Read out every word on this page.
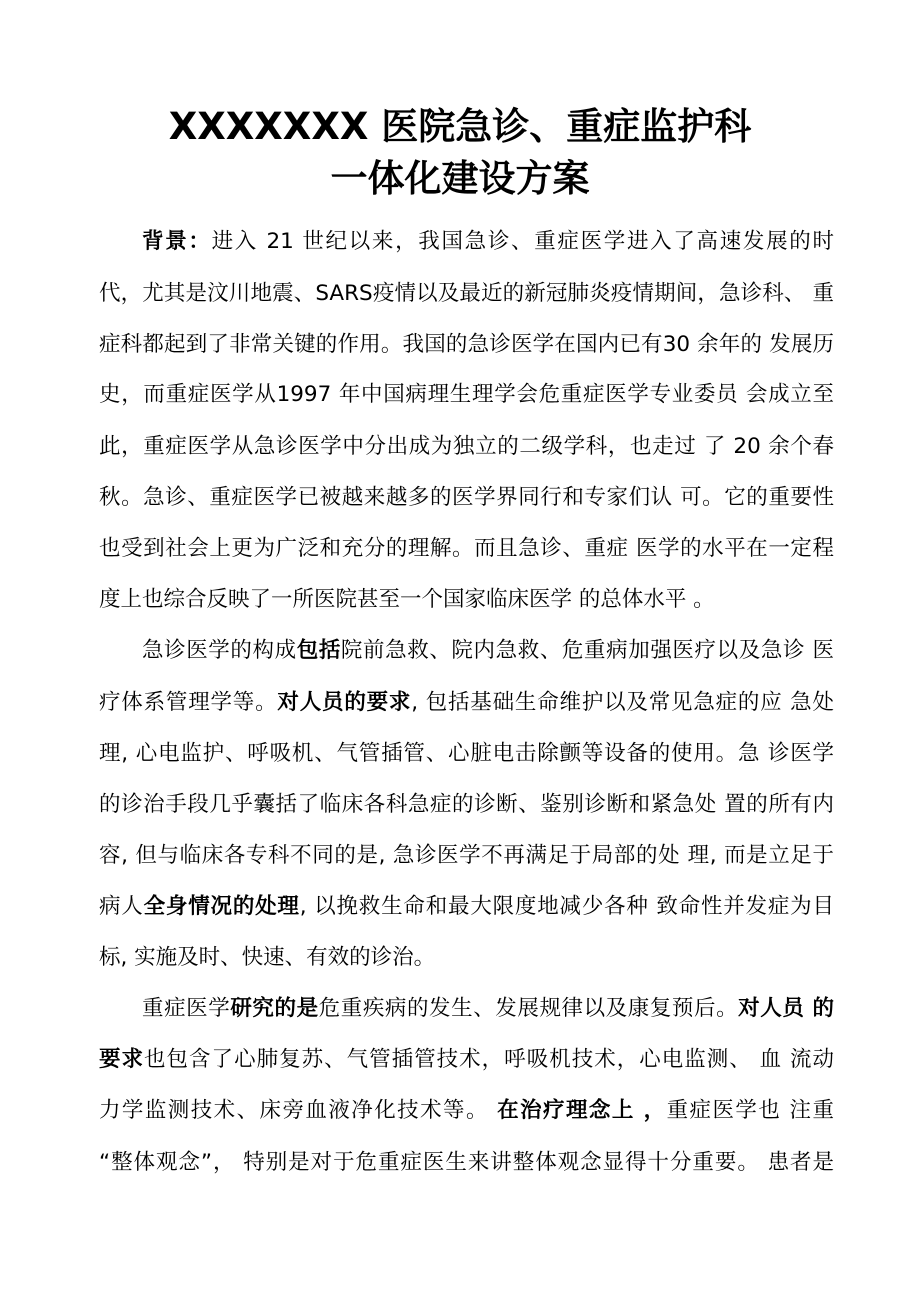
XXXXXXX 医院急诊、重症监护科
一体化建设方案
背景：进入 21 世纪以来，我国急诊、重症医学进入了高速发展的时
代，尤其是汶川地震、SARS疫情以及最近的新冠肺炎疫情期间，急诊科、 重
症科都起到了非常关键的作用。我国的急诊医学在国内已有30 余年的 发展历
史，而重症医学从1997 年中国病理生理学会危重症医学专业委员 会成立至
此，重症医学从急诊医学中分出成为独立的二级学科，也走过 了 20 余个春
秋。急诊、重症医学已被越来越多的医学界同行和专家们认 可。它的重要性
也受到社会上更为广泛和充分的理解。而且急诊、重症 医学的水平在一定程
度上也综合反映了一所医院甚至一个国家临床医学 的总体水平 。
急诊医学的构成包括院前急救、院内急救、危重病加强医疗以及急诊 医
疗体系管理学等。对人员的要求, 包括基础生命维护以及常见急症的应 急处
理, 心电监护、呼吸机、气管插管、心脏电击除颤等设备的使用。急 诊医学
的诊治手段几乎囊括了临床各科急症的诊断、鉴别诊断和紧急处 置的所有内
容, 但与临床各专科不同的是, 急诊医学不再满足于局部的处 理, 而是立足于
病人全身情况的处理, 以挽救生命和最大限度地减少各种 致命性并发症为目
标, 实施及时、快速、有效的诊治。
重症医学研究的是危重疾病的发生、发展规律以及康复预后。对人员 的
要求也包含了心肺复苏、气管插管技术，呼吸机技术，心电监测、 血 流动
力学监测技术、床旁血液净化技术等。 在治疗理念上 ，重症医学也 注重
“整体观念”， 特别是对于危重症医生来讲整体观念显得十分重要。 患者是
